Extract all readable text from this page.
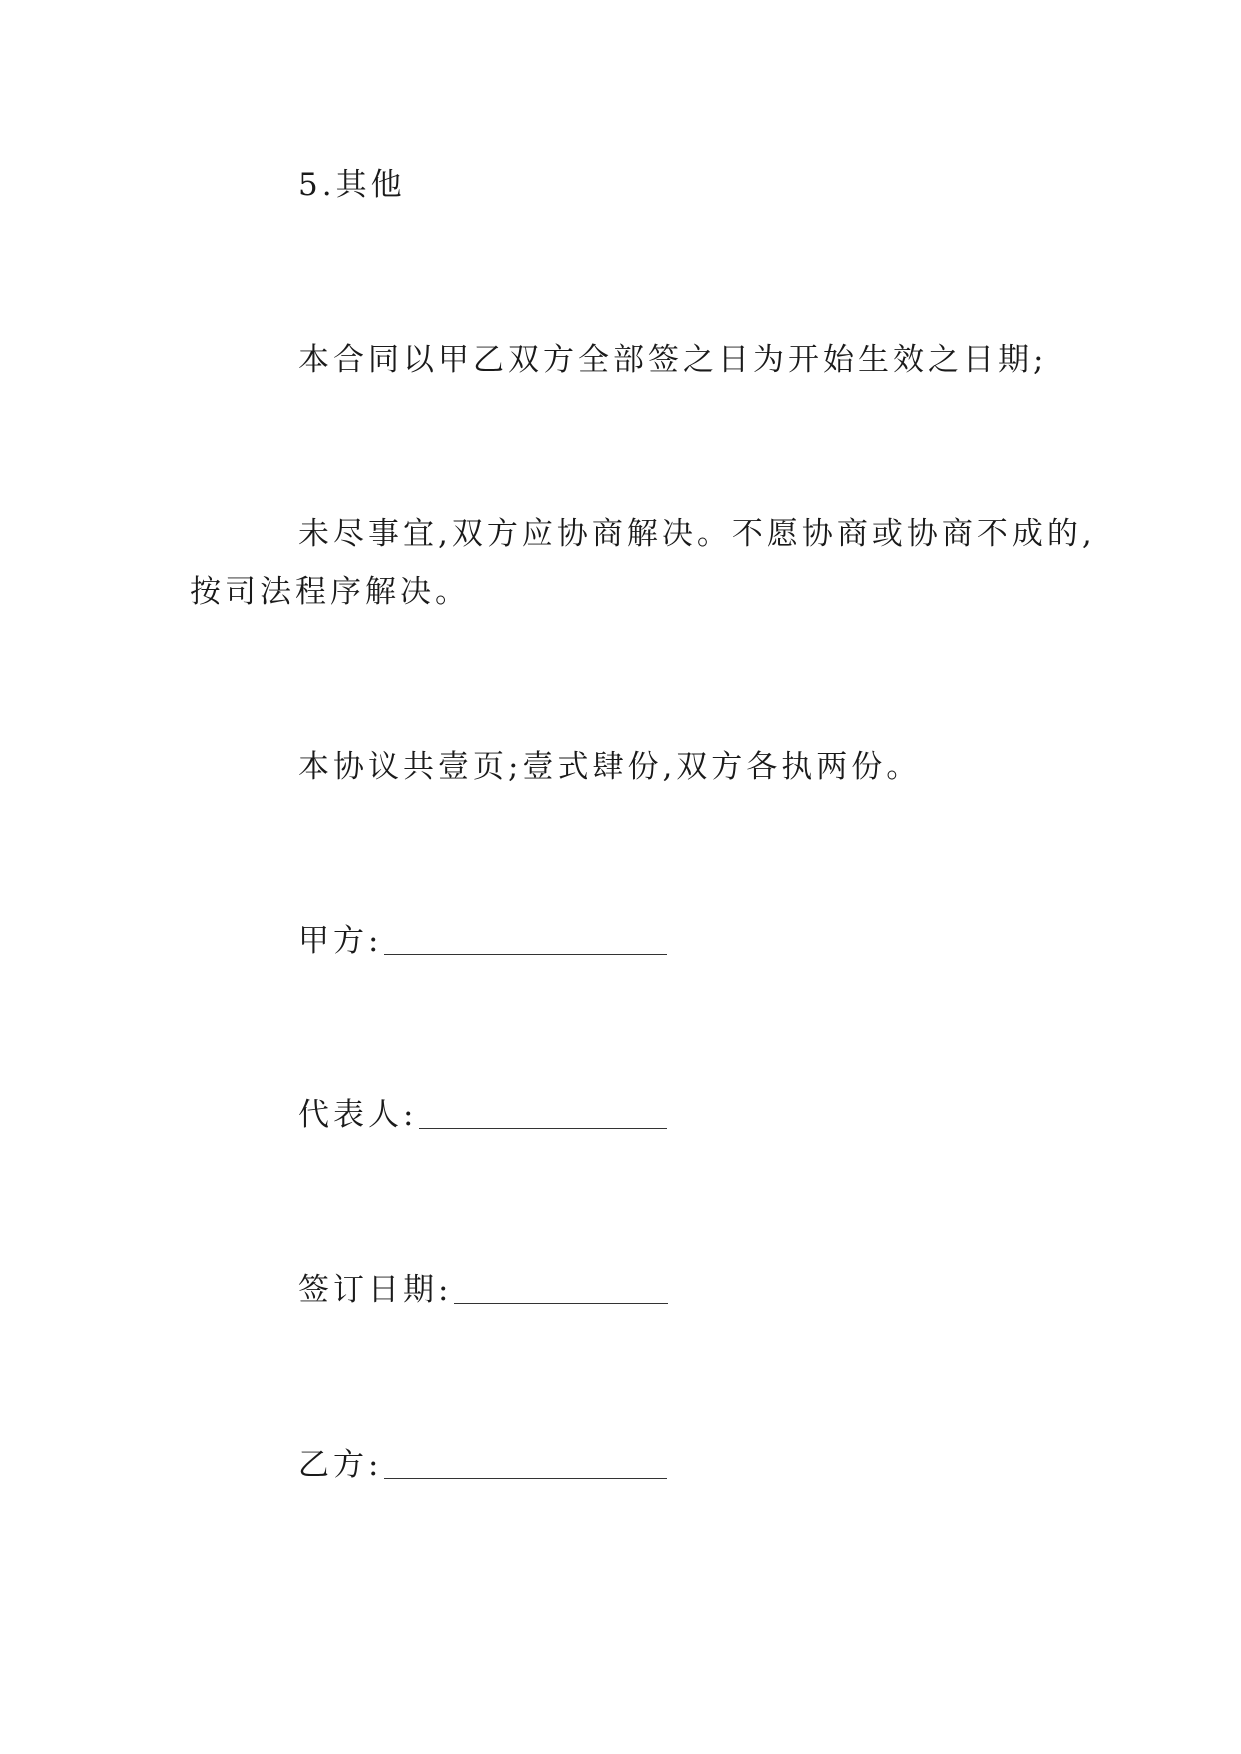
5.其他
本合同以甲乙双方全部签之日为开始生效之日期;
未尽事宜,双方应协商解决。不愿协商或协商不成的,
按司法程序解决。
本协议共壹页;壹式肆份,双方各执两份。
甲方:
代表人:
签订日期:
乙方:
